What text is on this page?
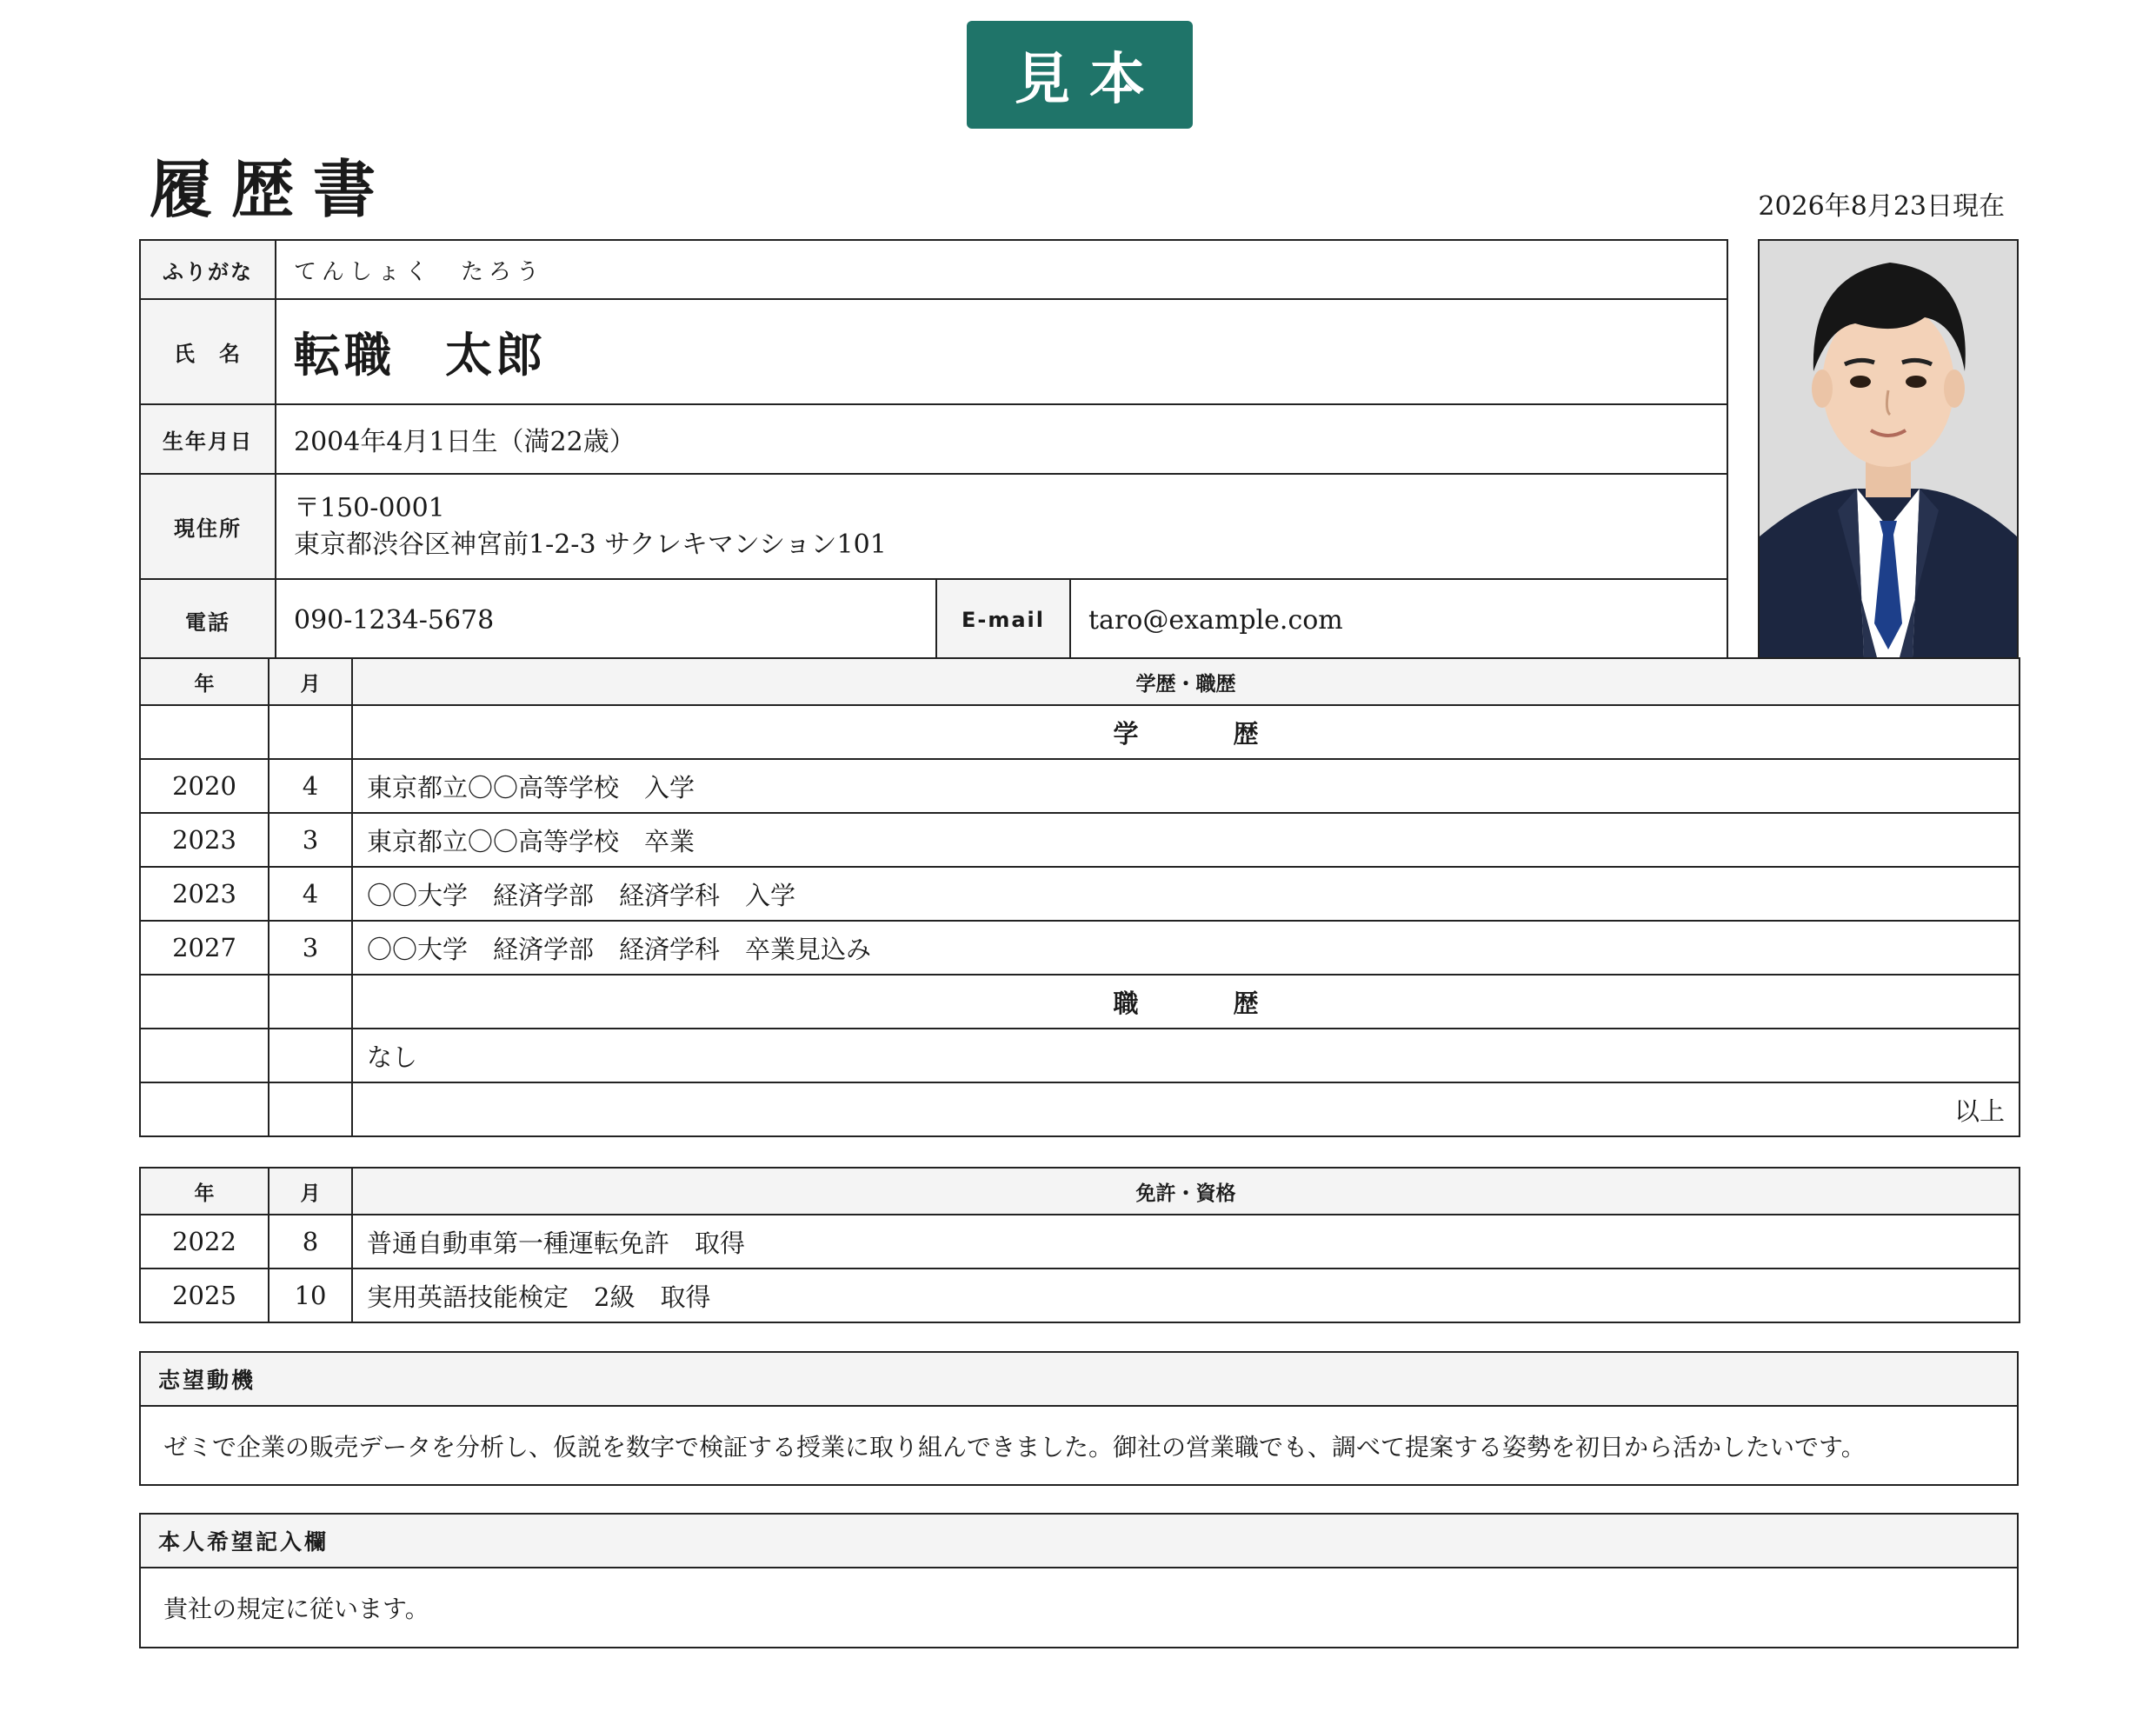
見本
履歴書	2026年8月23日現在
ふりがな	てんしょく　たろう		
氏　名	転職　太郎		
生年月日	2004年4月1日生（満22歳）		
現住所	〒150-0001
東京都渋谷区神宮前1-2-3 サクレキマンション101		

電話	090-1234-5678	E-mail	taro@example.com
年	月	学歴・職歴
		学　歴
2020	4	東京都立〇〇高等学校　入学
2023	3	東京都立〇〇高等学校　卒業
2023	4	〇〇大学　経済学部　経済学科　入学
2027	3	〇〇大学　経済学部　経済学科　卒業見込み
		職　歴
		なし
		以上
年	月	免許・資格
2022	8	普通自動車第一種運転免許　取得
2025	10	実用英語技能検定　2級　取得
志望動機
ゼミで企業の販売データを分析し、仮説を数字で検証する授業に取り組んできました。御社の営業職でも、調べて提案する姿勢を初日から活かしたいです。
本人希望記入欄
貴社の規定に従います。
